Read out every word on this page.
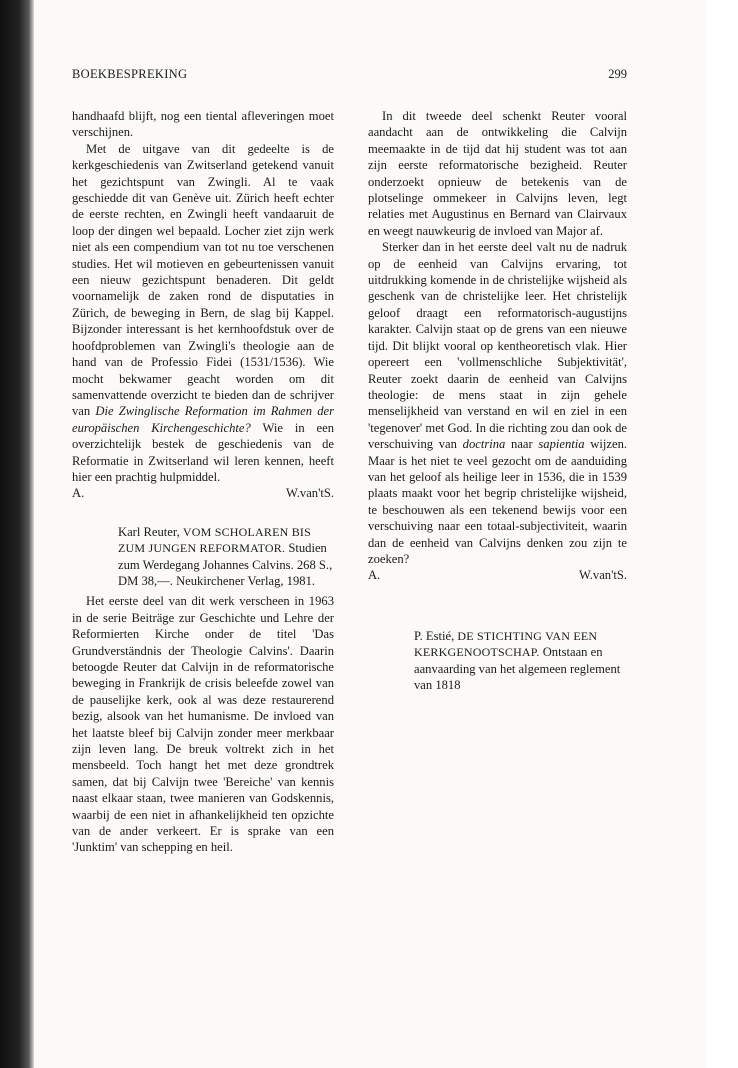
BOEKBESPREKING	299

handhaafd blijft, nog een tiental afleveringen moet verschijnen.

Met de uitgave van dit gedeelte is de kerkgeschiedenis van Zwitserland getekend vanuit het gezichtspunt van Zwingli. Al te vaak geschiedde dit van Genève uit. Zürich heeft echter de eerste rechten, en Zwingli heeft vandaaruit de loop der dingen wel bepaald. Locher ziet zijn werk niet als een compendium van tot nu toe verschenen studies. Het wil motieven en gebeurtenissen vanuit een nieuw gezichtspunt benaderen. Dit geldt voornamelijk de zaken rond de disputaties in Zürich, de beweging in Bern, de slag bij Kappel. Bijzonder interessant is het kernhoofdstuk over de hoofdproblemen van Zwingli's theologie aan de hand van de Professio Fidei (1531/1536). Wie mocht bekwamer geacht worden om dit samenvattende overzicht te bieden dan de schrijver van Die Zwinglische Reformation im Rahmen der europäischen Kirchengeschichte? Wie in een overzichtelijk bestek de geschiedenis van de Reformatie in Zwitserland wil leren kennen, heeft hier een prachtig hulpmiddel.

A.	W.van'tS.

Karl Reuter, VOM SCHOLAREN BIS ZUM JUNGEN REFORMATOR. Studien zum Werdegang Johannes Calvins. 268 S., DM 38,—. Neukirchener Verlag, 1981.

Het eerste deel van dit werk verscheen in 1963 in de serie Beiträge zur Geschichte und Lehre der Reformierten Kirche onder de titel 'Das Grundverständnis der Theologie Calvins'. Daarin betoogde Reuter dat Calvijn in de reformatorische beweging in Frankrijk de crisis beleefde zowel van de pauselijke kerk, ook al was deze restaurerend bezig, alsook van het humanisme. De invloed van het laatste bleef bij Calvijn zonder meer merkbaar zijn leven lang. De breuk voltrekt zich in het mensbeeld. Toch hangt het met deze grondtrek samen, dat bij Calvijn twee 'Bereiche' van kennis naast elkaar staan, twee manieren van Godskennis, waarbij de een niet in afhankelijkheid ten opzichte van de ander verkeert. Er is sprake van een 'Junktim' van schepping en heil.

In dit tweede deel schenkt Reuter vooral aandacht aan de ontwikkeling die Calvijn meemaakte in de tijd dat hij student was tot aan zijn eerste reformatorische bezigheid. Reuter onderzoekt opnieuw de betekenis van de plotselinge ommekeer in Calvijns leven, legt relaties met Augustinus en Bernard van Clairvaux en weegt nauwkeurig de invloed van Major af.

Sterker dan in het eerste deel valt nu de nadruk op de eenheid van Calvijns ervaring, tot uitdrukking komende in de christelijke wijsheid als geschenk van de christelijke leer. Het christelijk geloof draagt een reformatorisch-augustijns karakter. Calvijn staat op de grens van een nieuwe tijd. Dit blijkt vooral op kentheoretisch vlak. Hier opereert een 'vollmenschliche Subjektivität', Reuter zoekt daarin de eenheid van Calvijns theologie: de mens staat in zijn gehele menselijkheid van verstand en wil en ziel in een 'tegenover' met God. In die richting zou dan ook de verschuiving van doctrina naar sapientia wijzen. Maar is het niet te veel gezocht om de aanduiding van het geloof als heilige leer in 1536, die in 1539 plaats maakt voor het begrip christelijke wijsheid, te beschouwen als een tekenend bewijs voor een verschuiving naar een totaal-subjectiviteit, waarin dan de eenheid van Calvijns denken zou zijn te zoeken?

A.	W.van'tS.

P. Estié, DE STICHTING VAN EEN KERKGENOOTSCHAP. Ontstaan en aanvaarding van het algemeen reglement van 1818
